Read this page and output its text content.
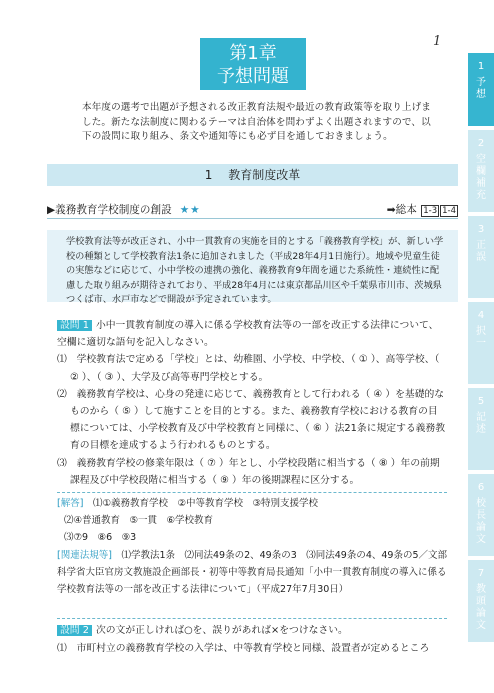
1
第1章
予想問題
本年度の選考で出題が予想される改正教育法規や最近の教育政策等を取り上げました。新たな法制度に関わるテーマは自治体を問わずよく出題されますので、以下の設問に取り組み、条文や通知等にも必ず目を通しておきましょう。
1　 教育制度改革
▶義務教育学校制度の創設 ★★	➡総本 1-3 1-4
学校教育法等が改正され、小中一貫教育の実施を目的とする「義務教育学校」が、新しい学校の種類として学校教育法1条に追加されました（平成28年4月1日施行）。地域や児童生徒の実態などに応じて、小中学校の連携の強化、義務教育9年間を通じた系統性・連続性に配慮した取り組みが期待されており、平成28年4月には東京都品川区や千葉県市川市、茨城県つくば市、水戸市などで開設が予定されています。
設問 1 小中一貫教育制度の導入に係る学校教育法等の一部を改正する法律について、空欄に適切な語句を記入しなさい。
⑴　学校教育法で定める「学校」とは、幼稚園、小学校、中学校、（ ① ）、高等学校、（ ② ）、（ ③ ）、大学及び高等専門学校とする。
⑵　義務教育学校は、心身の発達に応じて、義務教育として行われる（ ④ ）を基礎的なものから（ ⑤ ）して施すことを目的とする。また、義務教育学校における教育の目標については、小学校教育及び中学校教育と同様に、（ ⑥ ）法21条に規定する義務教育の目標を達成するよう行われるものとする。
⑶　義務教育学校の修業年限は（ ⑦ ）年とし、小学校段階に相当する（ ⑧ ）年の前期課程及び中学校段階に相当する（ ⑨ ）年の後期課程に区分する。
[解答]　 ⑴①義務教育学校　②中等教育学校　③特別支援学校
⑵④普通教育　⑤一貫　⑥学校教育
⑶⑦9　⑧6　⑨3
[関連法規等]　 ⑴学教法1条　⑵同法49条の2、49条の3　⑶同法49条の4、49条の5／文部科学省大臣官房文教施設企画部長・初等中等教育局長通知「小中一貫教育制度の導入に係る学校教育法等の一部を改正する法律について」（平成27年7月30日）
設問 2 次の文が正しければ○を、誤りがあれば×をつけなさい。
⑴　市町村立の義務教育学校の入学は、中等教育学校と同様、設置者が定めるところ
1
予
想
2
空
欄
補
充
3
正
誤
4
択
一
5
記
述
6
校
長
論
文
7
教
頭
論
文
